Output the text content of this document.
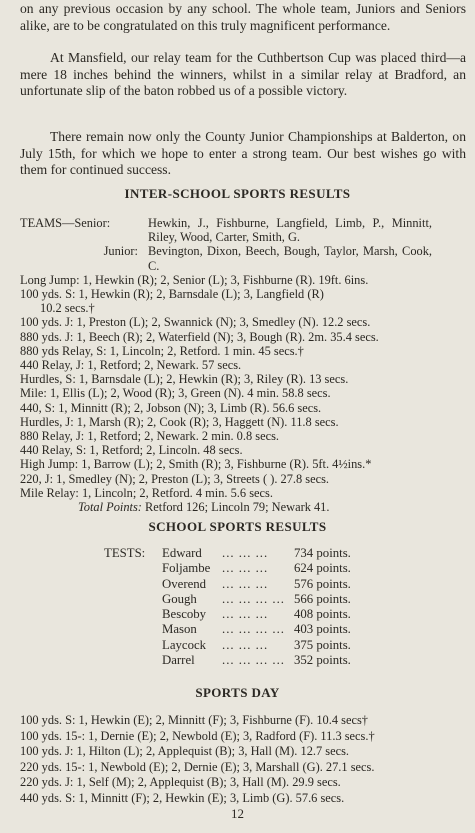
on any previous occasion by any school. The whole team, Juniors and Seniors alike, are to be congratulated on this truly magnificent performance.

At Mansfield, our relay team for the Cuthbertson Cup was placed third—a mere 18 inches behind the winners, whilst in a similar relay at Bradford, an unfortunate slip of the baton robbed us of a possible victory.

There remain now only the County Junior Championships at Balderton, on July 15th, for which we hope to enter a strong team. Our best wishes go with them for continued success.

INTER-SCHOOL SPORTS RESULTS
TEAMS—Senior:	Hewkin, J., Fishburne, Langfield, Limb, P., Minnitt, Riley, Wood, Carter, Smith, G.
Junior: Bevington, Dixon, Beech, Bough, Taylor, Marsh, Cook, C.
Long Jump: 1, Hewkin (R); 2, Senior (L); 3, Fishburne (R). 19ft. 6ins.
100 yds. S: 1, Hewkin (R); 2, Barnsdale (L); 3, Langfield (R)
10.2 secs.†
100 yds. J: 1, Preston (L); 2, Swannick (N); 3, Smedley (N). 12.2 secs.
880 yds. J: 1, Beech (R); 2, Waterfield (N); 3, Bough (R). 2m. 35.4 secs.
880 yds Relay, S: 1, Lincoln; 2, Retford. 1 min. 45 secs.†
440 Relay, J: 1, Retford; 2, Newark. 57 secs.
Hurdles, S: 1, Barnsdale (L); 2, Hewkin (R); 3, Riley (R). 13 secs.
Mile: 1, Ellis (L); 2, Wood (R); 3, Green (N). 4 min. 58.8 secs.
440, S: 1, Minnitt (R); 2, Jobson (N); 3, Limb (R). 56.6 secs.
Hurdles, J: 1, Marsh (R); 2, Cook (R); 3, Haggett (N). 11.8 secs.
880 Relay, J: 1, Retford; 2, Newark. 2 min. 0.8 secs.
440 Relay, S: 1, Retford; 2, Lincoln. 48 secs.
High Jump: 1, Barrow (L); 2, Smith (R); 3, Fishburne (R). 5ft. 4½ins.*
220, J: 1, Smedley (N); 2, Preston (L); 3, Streets ( ). 27.8 secs.
Mile Relay: 1, Lincoln; 2, Retford. 4 min. 5.6 secs.
Total Points: Retford 126; Lincoln 79; Newark 41.
SCHOOL SPORTS RESULTS
TESTS:	Edward	... ... ...	734 points.
Foljambe ... ... ...	624 points.
Overend	... ... ...	576 points.
Gough	... ... ... ... 566 points.
Bescoby	... ... ...	408 points.
Mason	... ... ... ... 403 points.
Laycock	... ... ...	375 points.
Darrel	... ... ... ... 352 points.
SPORTS DAY
100 yds. S: 1, Hewkin (E); 2, Minnitt (F); 3, Fishburne (F). 10.4 secs†
100 yds. 15-: 1, Dernie (E); 2, Newbold (E); 3, Radford (F). 11.3 secs.†
100 yds. J: 1, Hilton (L); 2, Applequist (B); 3, Hall (M). 12.7 secs.
220 yds. 15-: 1, Newbold (E); 2, Dernie (E); 3, Marshall (G). 27.1 secs.
220 yds. J: 1, Self (M); 2, Applequist (B); 3, Hall (M). 29.9 secs.
440 yds. S: 1, Minnitt (F); 2, Hewkin (E); 3, Limb (G). 57.6 secs.
12
